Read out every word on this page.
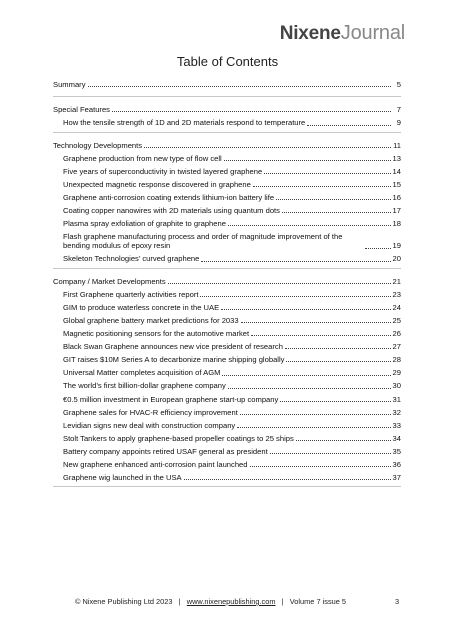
NixeneJournal
Table of Contents
Summary	5
Special Features	7
How the tensile strength of 1D and 2D materials respond to temperature	9
Technology Developments	11
Graphene production from new type of flow cell	13
Five years of superconductivity in twisted layered graphene	14
Unexpected magnetic response discovered in graphene	15
Graphene anti-corrosion coating extends lithium-ion battery life	16
Coating copper nanowires with 2D materials using quantum dots	17
Plasma spray exfoliation of graphite to graphene	18
Flash graphene manufacturing process and order of magnitude improvement of the bending modulus of epoxy resin	19
Skeleton Technologies’ curved graphene	20
Company / Market Developments	21
First Graphene quarterly activities report	23
GIM to produce waterless concrete in the UAE	24
Global graphene battery market predictions for 2033	25
Magnetic positioning sensors for the automotive market	26
Black Swan Graphene announces new vice president of research	27
GIT raises $10M Series A to decarbonize marine shipping globally	28
Universal Matter completes acquisition of AGM	29
The world’s first billion-dollar graphene company	30
€0.5 million investment in European graphene start-up company	31
Graphene sales for HVAC-R efficiency improvement	32
Levidian signs new deal with construction company	33
Stolt Tankers to apply graphene-based propeller coatings to 25 ships	34
Battery company appoints retired USAF general as president	35
New graphene enhanced anti-corrosion paint launched	36
Graphene wig launched in the USA	37
© Nixene Publishing Ltd 2023 | www.nixenepublishing.com | Volume 7 issue 5	3
